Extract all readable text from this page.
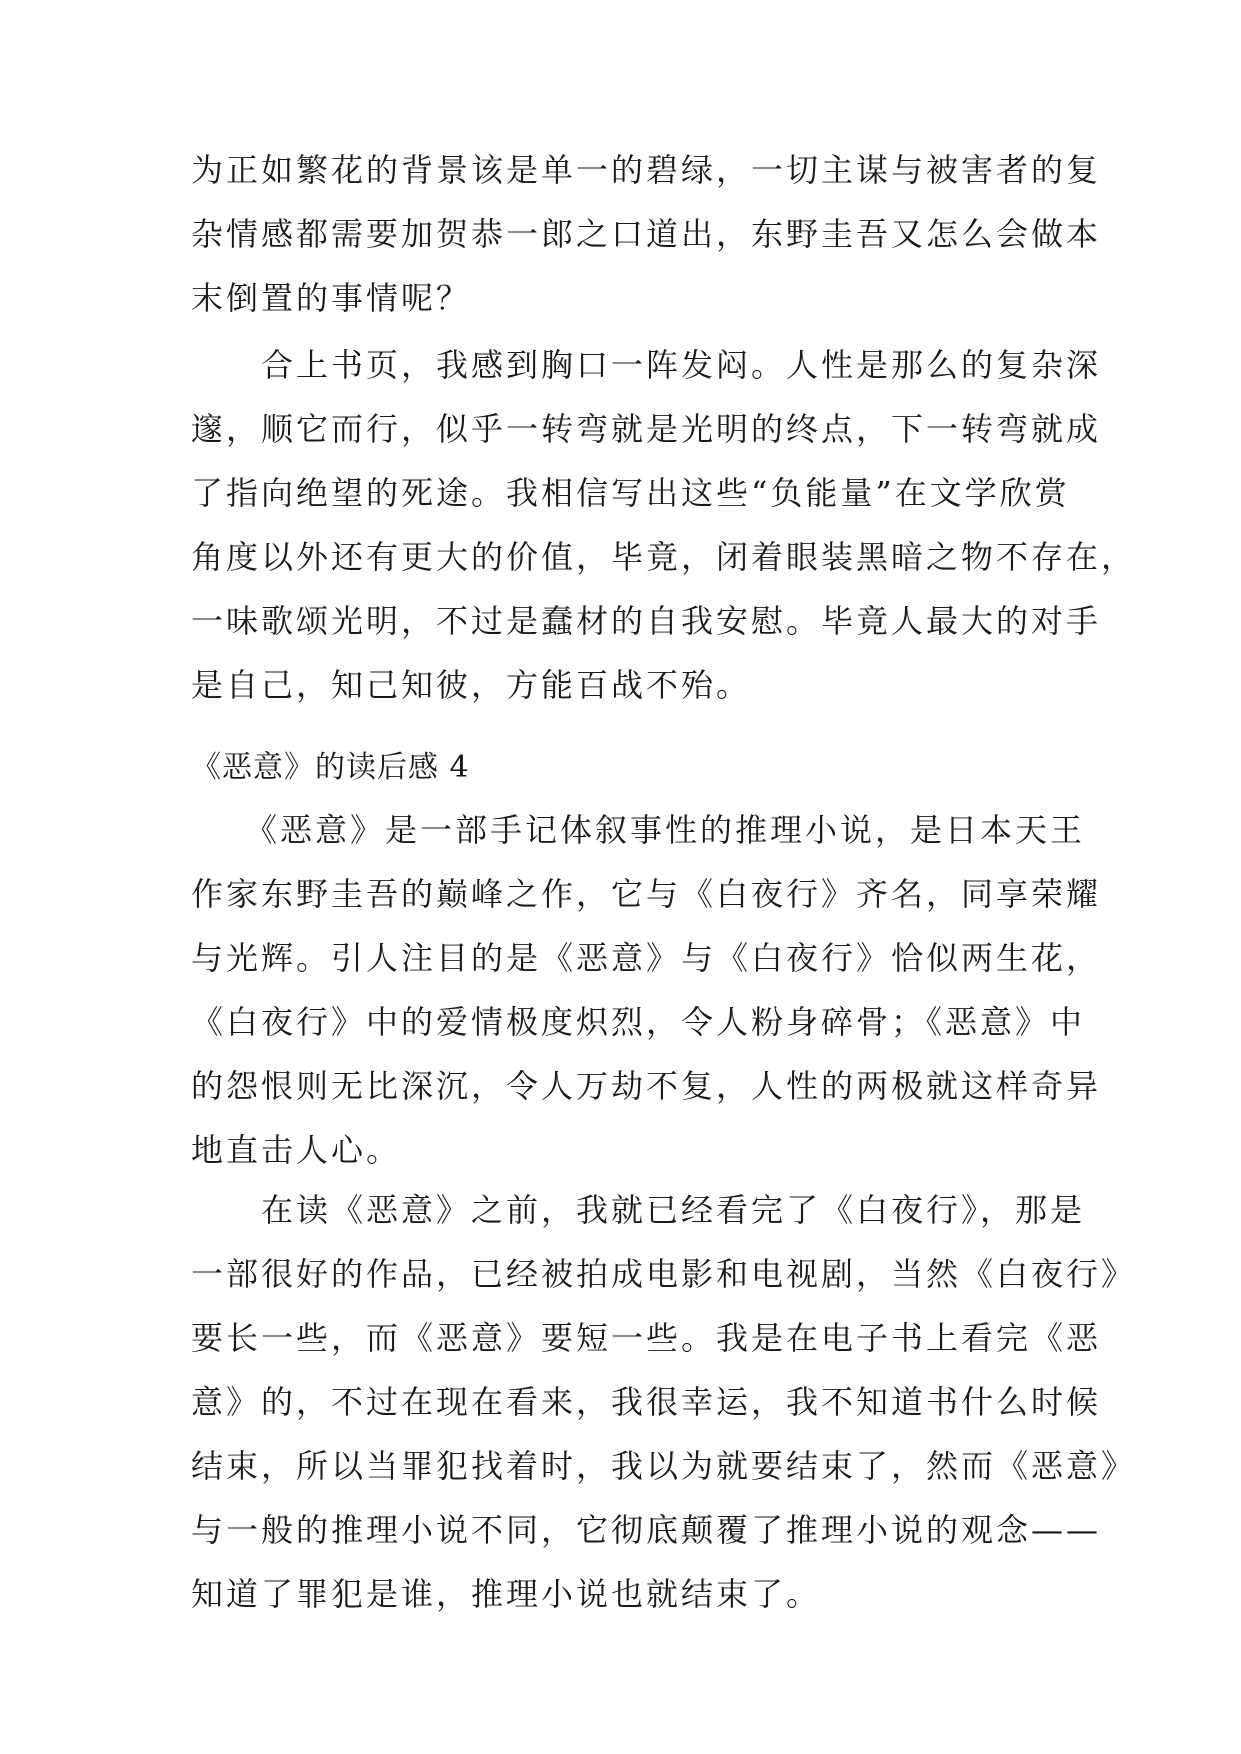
为正如繁花的背景该是单一的碧绿，一切主谋与被害者的复
杂情感都需要加贺恭一郎之口道出，东野圭吾又怎么会做本
末倒置的事情呢？
　　合上书页，我感到胸口一阵发闷。人性是那么的复杂深
邃，顺它而行，似乎一转弯就是光明的终点，下一转弯就成
了指向绝望的死途。我相信写出这些“负能量”在文学欣赏
角度以外还有更大的价值，毕竟，闭着眼装黑暗之物不存在，
一味歌颂光明，不过是蠢材的自我安慰。毕竟人最大的对手
是自己，知己知彼，方能百战不殆。
《恶意》的读后感 4
　　《恶意》是一部手记体叙事性的推理小说，是日本天王
作家东野圭吾的巅峰之作，它与《白夜行》齐名，同享荣耀
与光辉。引人注目的是《恶意》与《白夜行》恰似两生花，
《白夜行》中的爱情极度炽烈，令人粉身碎骨；《恶意》中
的怨恨则无比深沉，令人万劫不复，人性的两极就这样奇异
地直击人心。
　　在读《恶意》之前，我就已经看完了《白夜行》，那是
一部很好的作品，已经被拍成电影和电视剧，当然《白夜行》
要长一些，而《恶意》要短一些。我是在电子书上看完《恶
意》的，不过在现在看来，我很幸运，我不知道书什么时候
结束，所以当罪犯找着时，我以为就要结束了，然而《恶意》
与一般的推理小说不同，它彻底颠覆了推理小说的观念——
知道了罪犯是谁，推理小说也就结束了。
